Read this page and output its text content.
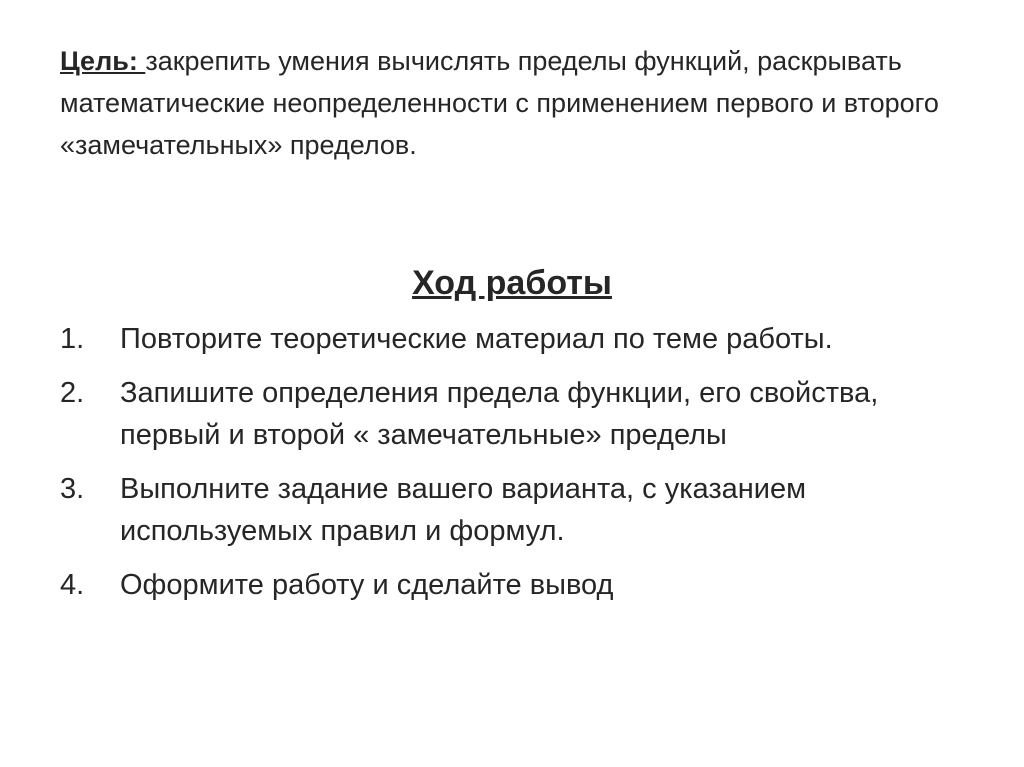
Цель: закрепить умения вычислять пределы функций, раскрывать математические неопределенности с применением первого и второго «замечательных» пределов.
Ход работы
1.	Повторите теоретические материал по теме работы.
2.	Запишите определения предела функции, его свойства, первый и второй « замечательные» пределы
3.	Выполните задание вашего варианта, с указанием используемых правил и формул.
4.	Оформите работу и сделайте вывод
